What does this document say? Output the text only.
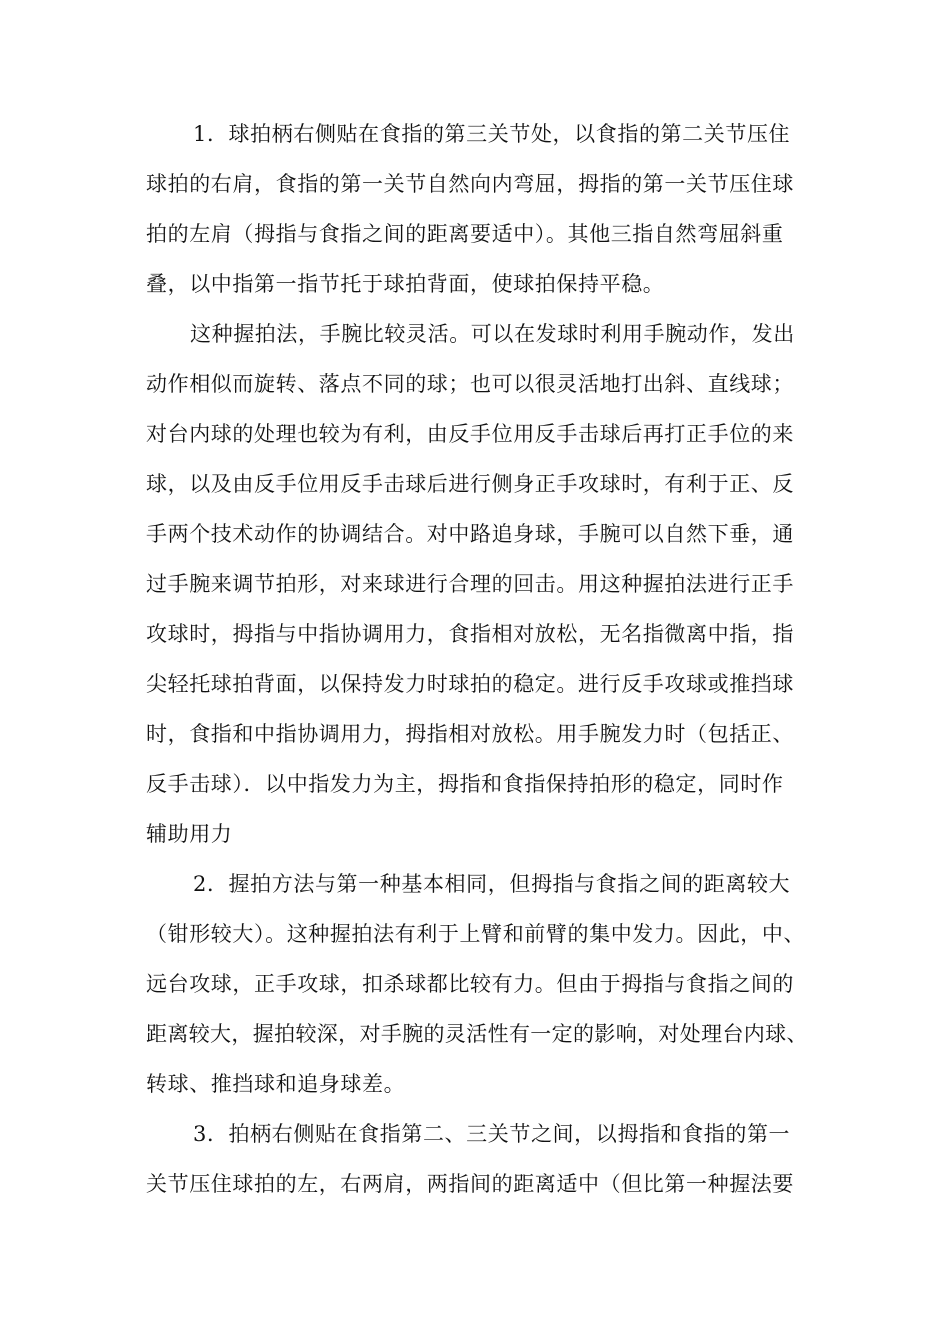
1．球拍柄右侧贴在食指的第三关节处，以食指的第二关节压住
球拍的右肩，食指的第一关节自然向内弯屈，拇指的第一关节压住球
拍的左肩（拇指与食指之间的距离要适中）。其他三指自然弯屈斜重
叠，以中指第一指节托于球拍背面，使球拍保持平稳。
这种握拍法，手腕比较灵活。可以在发球时利用手腕动作，发出
动作相似而旋转、落点不同的球；也可以很灵活地打出斜、直线球；
对台内球的处理也较为有利，由反手位用反手击球后再打正手位的来
球，以及由反手位用反手击球后进行侧身正手攻球时，有利于正、反
手两个技术动作的协调结合。对中路追身球，手腕可以自然下垂，通
过手腕来调节拍形，对来球进行合理的回击。用这种握拍法进行正手
攻球时，拇指与中指协调用力，食指相对放松，无名指微离中指，指
尖轻托球拍背面，以保持发力时球拍的稳定。进行反手攻球或推挡球
时，食指和中指协调用力，拇指相对放松。用手腕发力时（包括正、
反手击球）．以中指发力为主，拇指和食指保持拍形的稳定，同时作
辅助用力
2．握拍方法与第一种基本相同，但拇指与食指之间的距离较大
（钳形较大）。这种握拍法有利于上臂和前臂的集中发力。因此，中、
远台攻球，正手攻球，扣杀球都比较有力。但由于拇指与食指之间的
距离较大，握拍较深，对手腕的灵活性有一定的影响，对处理台内球、
转球、推挡球和追身球差。
3．拍柄右侧贴在食指第二、三关节之间，以拇指和食指的第一
关节压住球拍的左，右两肩，两指间的距离适中（但比第一种握法要
